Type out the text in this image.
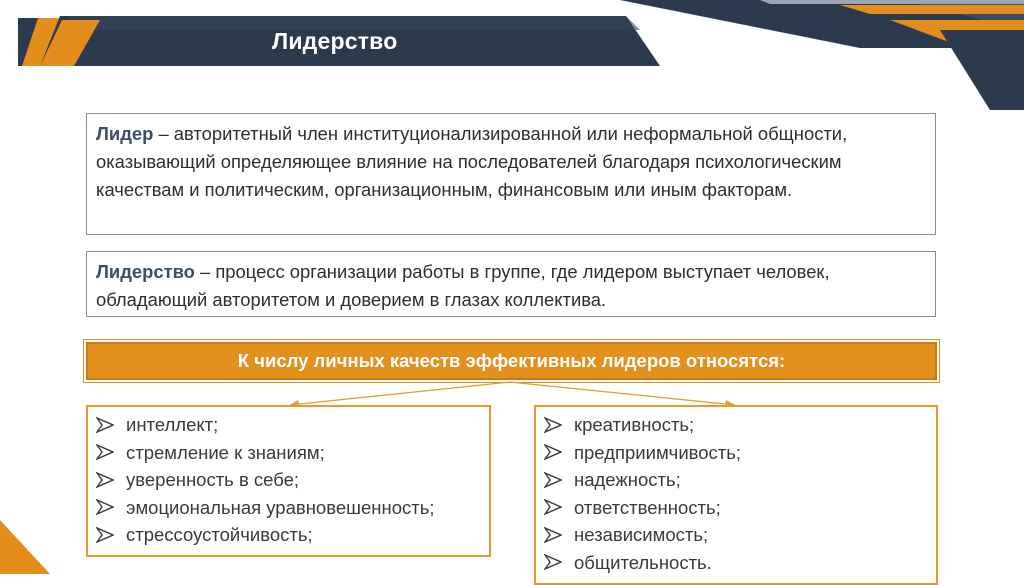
Лидерство
Лидер – авторитетный член институционализированной или неформальной общности, оказывающий определяющее влияние на последователей благодаря психологическим качествам и политическим, организационным, финансовым или иным факторам.
Лидерство – процесс организации работы в группе, где лидером выступает человек, обладающий авторитетом и доверием в глазах коллектива.
К числу личных качеств эффективных лидеров относятся:
интеллект;
стремление к знаниям;
уверенность в себе;
эмоциональная уравновешенность;
стрессоустойчивость;
креативность;
предприимчивость;
надежность;
ответственность;
независимость;
общительность.
